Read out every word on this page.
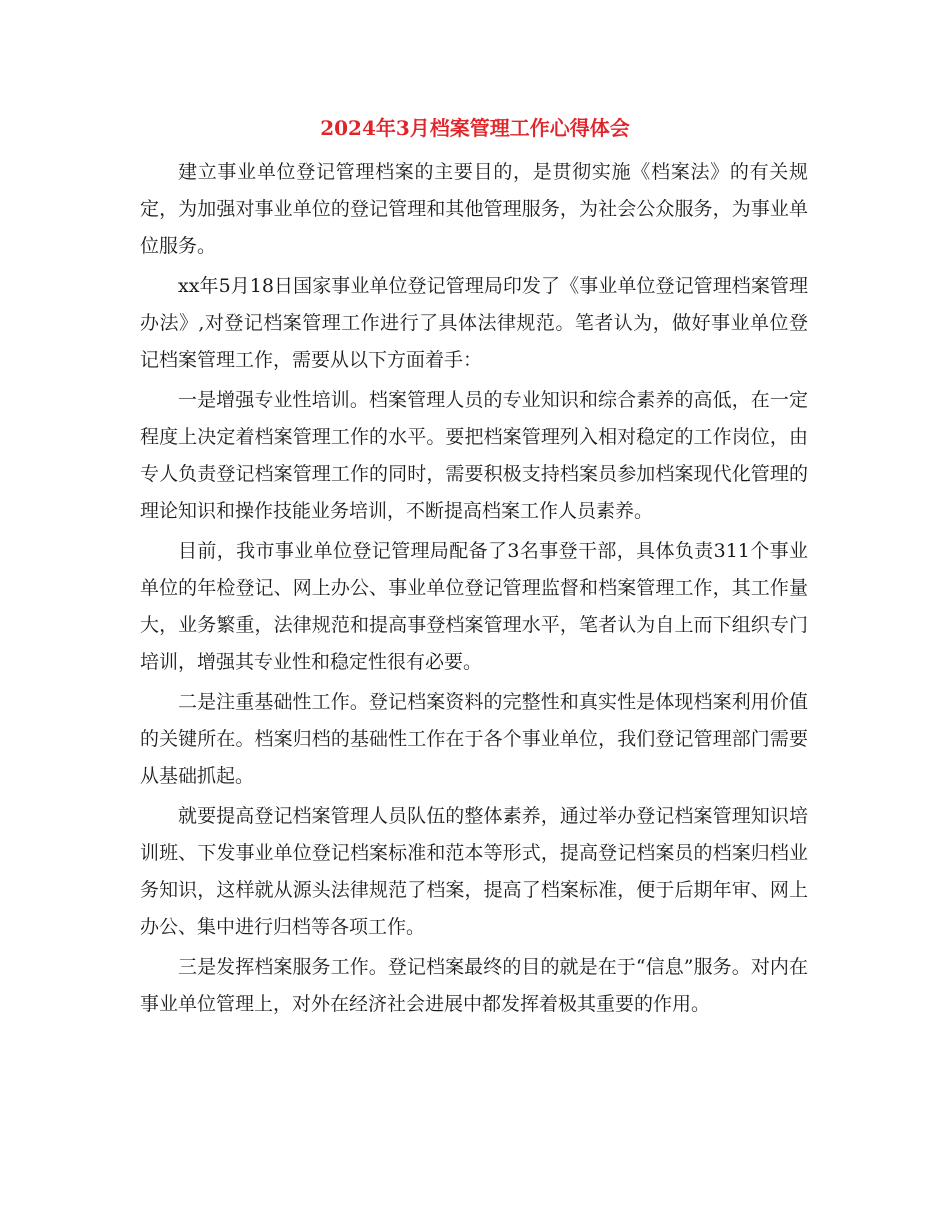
2024年3月档案管理工作心得体会

建立事业单位登记管理档案的主要目的，是贯彻实施《档案法》的有关规定，为加强对事业单位的登记管理和其他管理服务，为社会公众服务，为事业单位服务。

xx年5月18日国家事业单位登记管理局印发了《事业单位登记管理档案管理办法》,对登记档案管理工作进行了具体法律规范。笔者认为，做好事业单位登记档案管理工作，需要从以下方面着手：

一是增强专业性培训。档案管理人员的专业知识和综合素养的高低，在一定程度上决定着档案管理工作的水平。要把档案管理列入相对稳定的工作岗位，由专人负责登记档案管理工作的同时，需要积极支持档案员参加档案现代化管理的理论知识和操作技能业务培训，不断提高档案工作人员素养。

目前，我市事业单位登记管理局配备了3名事登干部，具体负责311个事业单位的年检登记、网上办公、事业单位登记管理监督和档案管理工作，其工作量大，业务繁重，法律规范和提高事登档案管理水平，笔者认为自上而下组织专门培训，增强其专业性和稳定性很有必要。

二是注重基础性工作。登记档案资料的完整性和真实性是体现档案利用价值的关键所在。档案归档的基础性工作在于各个事业单位，我们登记管理部门需要从基础抓起。

就要提高登记档案管理人员队伍的整体素养，通过举办登记档案管理知识培训班、下发事业单位登记档案标准和范本等形式，提高登记档案员的档案归档业务知识，这样就从源头法律规范了档案，提高了档案标准，便于后期年审、网上办公、集中进行归档等各项工作。

三是发挥档案服务工作。登记档案最终的目的就是在于“信息”服务。对内在事业单位管理上，对外在经济社会进展中都发挥着极其重要的作用。
